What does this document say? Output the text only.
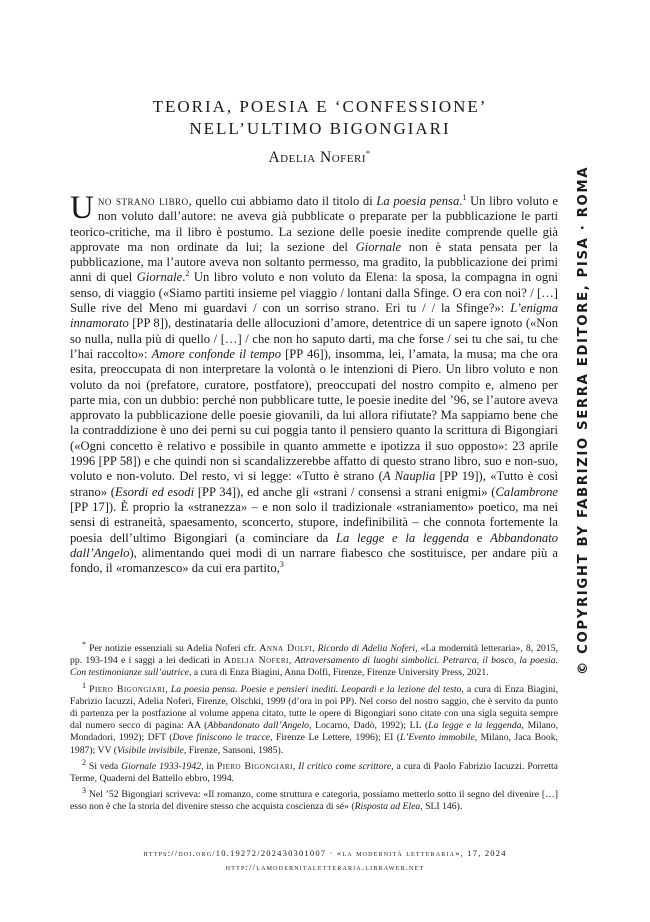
TEORIA, POESIA E ‘CONFESSIONE’
NELL’ULTIMO BIGONGIARI
Adelia Noferi*

Uno strano libro, quello cui abbiamo dato il titolo di La poesia pensa.$^1$ Un libro voluto e non voluto dall’autore: ne aveva già pubblicate o preparate per la pubblicazione le parti teorico-critiche, ma il libro è postumo. La sezione delle poesie inedite comprende quelle già approvate ma non ordinate da lui; la sezione del Giornale non è stata pensata per la pubblicazione, ma l’autore aveva non soltanto permesso, ma gradito, la pubblicazione dei primi anni di quel Giornale.$^2$ Un libro voluto e non voluto da Elena: la sposa, la compagna in ogni senso, di viaggio («Siamo partiti insieme pel viaggio / lontani dalla Sfinge. O era con noi? / […] Sulle rive del Meno mi guardavi / con un sorriso strano. Eri tu / / la Sfinge?»: L’enigma innamorato [PP 8]), destinataria delle allocuzioni d’amore, detentrice di un sapere ignoto («Non so nulla, nulla più di quello / […] / che non ho saputo darti, ma che forse / sei tu che sai, tu che l’hai raccolto»: Amore confonde il tempo [PP 46]), insomma, lei, l’amata, la musa; ma che ora esita, preoccupata di non interpretare la volontà o le intenzioni di Piero. Un libro voluto e non voluto da noi (prefatore, curatore, postfatore), preoccupati del nostro compito e, almeno per parte mia, con un dubbio: perché non pubblicare tutte, le poesie inedite del ’96, se l’autore aveva approvato la pubblicazione delle poesie giovanili, da lui allora rifiutate? Ma sappiamo bene che la contraddizione è uno dei perni su cui poggia tanto il pensiero quanto la scrittura di Bigongiari («Ogni concetto è relativo e possibile in quanto ammette e ipotizza il suo opposto»: 23 aprile 1996 [PP 58]) e che quindi non si scandalizzerebbe affatto di questo strano libro, suo e non-suo, voluto e non-voluto. Del resto, vi si legge: «Tutto è strano (A Nauplia [PP 19]), «Tutto è così strano» (Esordi ed esodi [PP 34]), ed anche gli «strani / consensi a strani enigmi» (Calambrone [PP 17]). È proprio la «stranezza» – e non solo il tradizionale «straniamento» poetico, ma nei sensi di estraneità, spaesamento, sconcerto, stupore, indefinibilità – che connota fortemente la poesia dell’ultimo Bigongiari (a cominciare da La legge e la leggenda e Abbandonato dall’Angelo), alimentando quei modi di un narrare fiabesco che sostituisce, per andare più a fondo, il «romanzesco» da cui era partito,$^3$

* Per notizie essenziali su Adelia Noferi cfr. Anna Dolfi, Ricordo di Adelia Noferi, «La modernità letteraria», 8, 2015, pp. 193-194 e i saggi a lei dedicati in Adelia Noferi, Attraversamento di luoghi simbolici. Petrarca, il bosco, la poesia. Con testimonianze sull’autrice, a cura di Enza Biagini, Anna Dolfi, Firenze, Firenze University Press, 2021.

$^1$ Piero Bigongiari, La poesia pensa. Poesie e pensieri inediti. Leopardi e la lezione del testo, a cura di Enza Biagini, Fabrizio Iacuzzi, Adelia Noferi, Firenze, Olschki, 1999 (d’ora in poi PP). Nel corso del nostro saggio, che è servito da punto di partenza per la postfazione al volume appena citato, tutte le opere di Bigongiari sono citate con una sigla seguita sempre dal numero secco di pagina: AA (Abbandonato dall’Angelo, Locarno, Dadò, 1992); LL (La legge e la leggenda, Milano, Mondadori, 1992); DFT (Dove finiscono le tracce, Firenze Le Lettere, 1996); EI (L’Evento immobile, Milano, Jaca Book, 1987); VV (Visibile invisibile, Firenze, Sansoni, 1985).

$^2$ Si veda Giornale 1933-1942, in Piero Bigongiari, Il critico come scrittore, a cura di Paolo Fabrizio Iacuzzi. Porretta Terme, Quaderni del Battello ebbro, 1994.

$^3$ Nel ’52 Bigongiari scriveva: «Il romanzo, come struttura e categoria, possiamo metterlo sotto il segno del divenire […] esso non è che la storia del divenire stesso che acquista coscienza di sé» (Risposta ad Elea, SLI 146).

https://doi.org/10.19272/202430301007 · «la modernità letteraria», 17, 2024
http://lamodernitaletteraria.libraweb.net
© COPYRIGHT BY FABRIZIO SERRA EDITORE, PISA · ROMA
